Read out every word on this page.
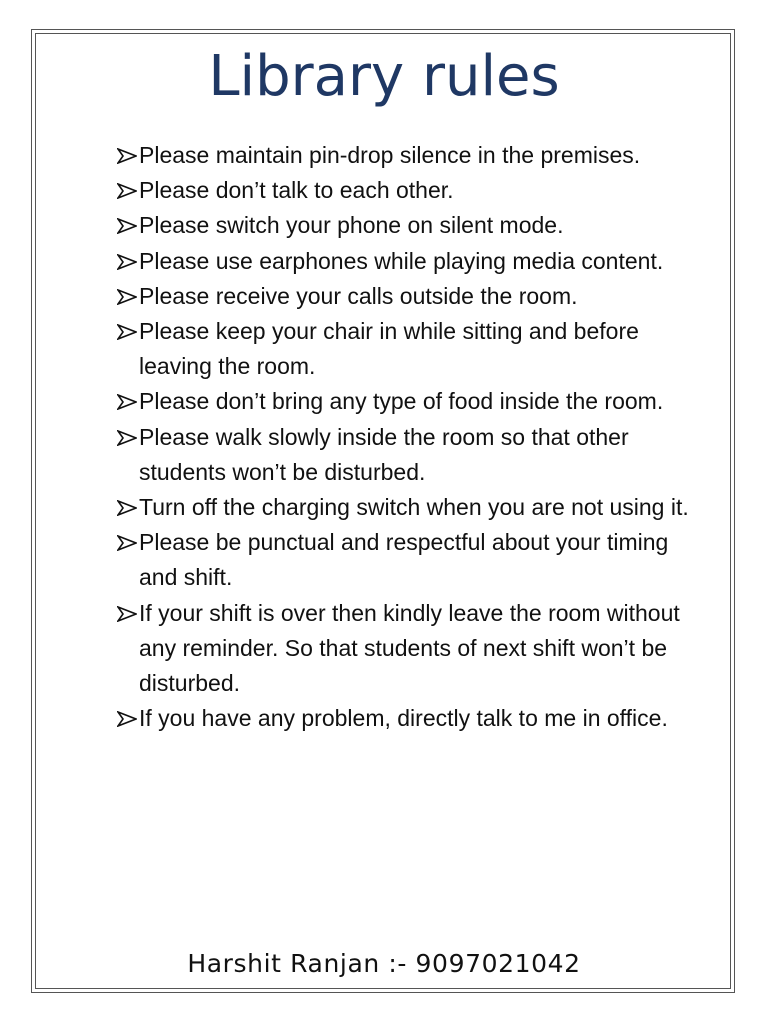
Library rules
Please maintain pin-drop silence in the premises.
Please don’t talk to each other.
Please switch your phone on silent mode.
Please use earphones while playing media content.
Please receive your calls outside the room.
Please keep your chair in while sitting and before leaving the room.
Please don’t bring any type of food inside the room.
Please walk slowly inside the room so that other students won’t be disturbed.
Turn off the charging switch when you are not using it.
Please be punctual and respectful about your timing and shift.
If your shift is over then kindly leave the room without any reminder. So that students of next shift won’t be disturbed.
If you have any problem, directly talk to me in office.
Harshit Ranjan :- 9097021042
